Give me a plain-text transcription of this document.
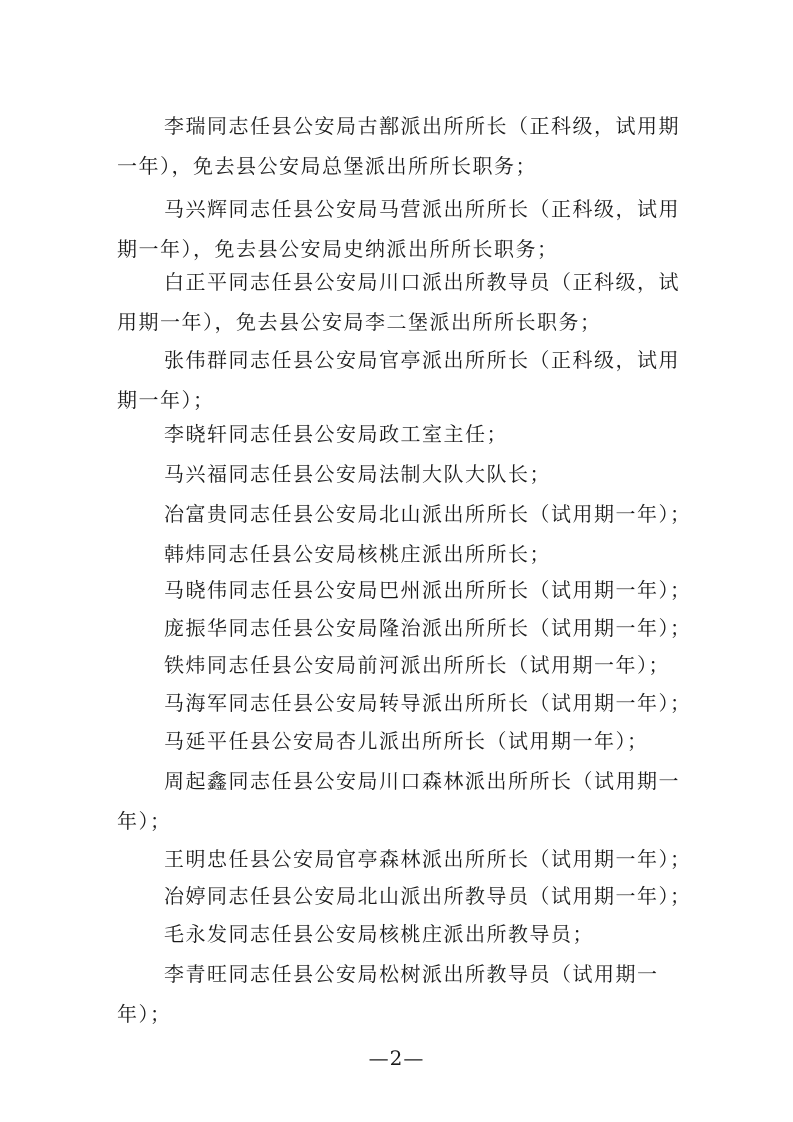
李瑞同志任县公安局古鄯派出所所长（正科级，试用期
一年），免去县公安局总堡派出所所长职务；
马兴辉同志任县公安局马营派出所所长（正科级，试用
期一年），免去县公安局史纳派出所所长职务；
白正平同志任县公安局川口派出所教导员（正科级，试
用期一年），免去县公安局李二堡派出所所长职务；
张伟群同志任县公安局官亭派出所所长（正科级，试用
期一年）；
李晓轩同志任县公安局政工室主任；
马兴福同志任县公安局法制大队大队长；
冶富贵同志任县公安局北山派出所所长（试用期一年）；
韩炜同志任县公安局核桃庄派出所所长；
马晓伟同志任县公安局巴州派出所所长（试用期一年）；
庞振华同志任县公安局隆治派出所所长（试用期一年）；
铁炜同志任县公安局前河派出所所长（试用期一年）；
马海军同志任县公安局转导派出所所长（试用期一年）；
马延平任县公安局杏儿派出所所长（试用期一年）；
周起鑫同志任县公安局川口森林派出所所长（试用期一
年）；
王明忠任县公安局官亭森林派出所所长（试用期一年）；
冶婷同志任县公安局北山派出所教导员（试用期一年）；
毛永发同志任县公安局核桃庄派出所教导员；
李青旺同志任县公安局松树派出所教导员（试用期一
年）；
—2—
